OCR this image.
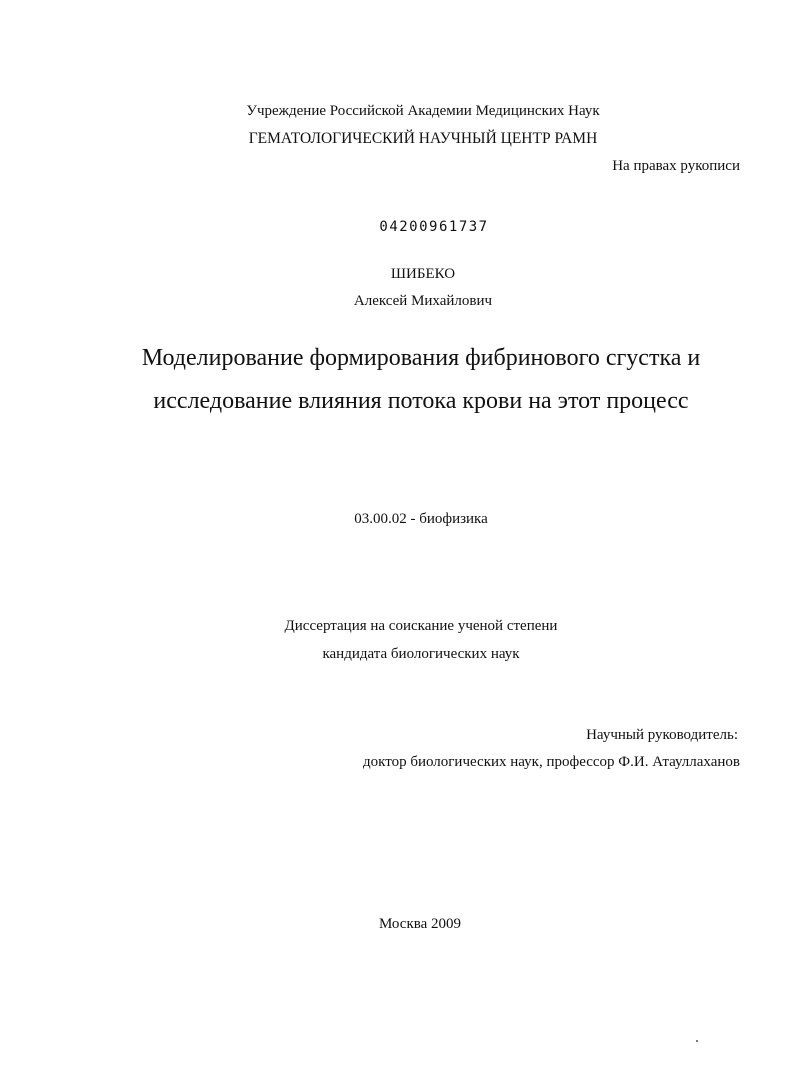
Учреждение Российской Академии Медицинских Наук
ГЕМАТОЛОГИЧЕСКИЙ НАУЧНЫЙ ЦЕНТР РАМН
На правах рукописи
04200961737
ШИБЕКО
Алексей Михайлович
Моделирование формирования фибринового сгустка и
исследование влияния потока крови на этот процесс
03.00.02 - биофизика
Диссертация на соискание ученой степени
кандидата биологических наук
Научный руководитель:
доктор биологических наук, профессор Ф.И. Атауллаханов
Москва 2009
